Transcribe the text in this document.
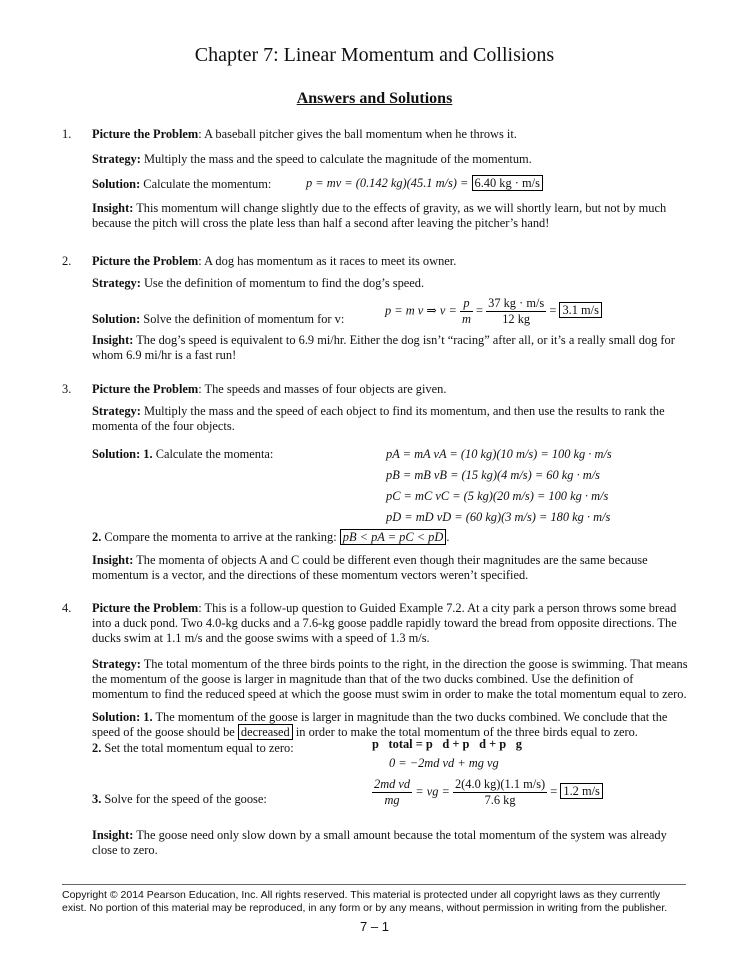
Chapter 7: Linear Momentum and Collisions
Answers and Solutions
1. Picture the Problem: A baseball pitcher gives the ball momentum when he throws it.
Strategy: Multiply the mass and the speed to calculate the magnitude of the momentum.
Solution: Calculate the momentum:	p = mv = (0.142 kg)(45.1 m/s) = 6.40 kg · m/s
Insight: This momentum will change slightly due to the effects of gravity, as we will shortly learn, but not by much because the pitch will cross the plate less than half a second after leaving the pitcher’s hand!
2. Picture the Problem: A dog has momentum as it races to meet its owner.
Strategy: Use the definition of momentum to find the dog’s speed.
Solution: Solve the definition of momentum for v:
p = m v ⇒ $v = \frac{p}{m} = \frac{37 kg \cdot m/s}{12 kg} = 3.1$ m/s
Insight: The dog’s speed is equivalent to 6.9 mi/hr. Either the dog isn’t “racing” after all, or it’s a really small dog for whom 6.9 mi/hr is a fast run!
3. Picture the Problem: The speeds and masses of four objects are given.
Strategy: Multiply the mass and the speed of each object to find its momentum, and then use the results to rank the momenta of the four objects.
Solution: 1. Calculate the momenta:	pA = mA vA = (10 kg)(10 m/s) = 100 kg · m/s
pB = mB vB = (15 kg)(4 m/s) = 60 kg · m/s
pC = mC vC = (5 kg)(20 m/s) = 100 kg · m/s
pD = mD vD = (60 kg)(3 m/s) = 180 kg · m/s
2. Compare the momenta to arrive at the ranking: pB < pA = pC < pD .
Insight: The momenta of objects A and C could be different even though their magnitudes are the same because momentum is a vector, and the directions of these momentum vectors weren’t specified.
4. Picture the Problem: This is a follow-up question to Guided Example 7.2. At a city park a person throws some bread into a duck pond. Two 4.0-kg ducks and a 7.6-kg goose paddle rapidly toward the bread from opposite directions. The ducks swim at 1.1 m/s and the goose swims with a speed of 1.3 m/s.
Strategy: The total momentum of the three birds points to the right, in the direction the goose is swimming. That means the momentum of the goose is larger in magnitude than that of the two ducks combined. Use the definition of momentum to find the reduced speed at which the goose must swim in order to make the total momentum equal to zero.
Solution: 1. The momentum of the goose is larger in magnitude than the two ducks combined. We conclude that the speed of the goose should be decreased in order to make the total momentum of the three birds equal to zero.
2. Set the total momentum equal to zero:	p⃗total = p⃗d + p⃗d + p⃗g
0 = −2md vd + mg vg
3. Solve for the speed of the goose:	$\frac{\text{2md vd}}{mg}$ = vg = $\frac{2(4.0 kg)(1.1 m/s)}{7.6 kg} = 1.2$ m/s
Insight: The goose need only slow down by a small amount because the total momentum of the system was already close to zero.
Copyright © 2014 Pearson Education, Inc. All rights reserved. This material is protected under all copyright laws as they currently exist. No portion of this material may be reproduced, in any form or by any means, without permission in writing from the publisher.
7 – 1
